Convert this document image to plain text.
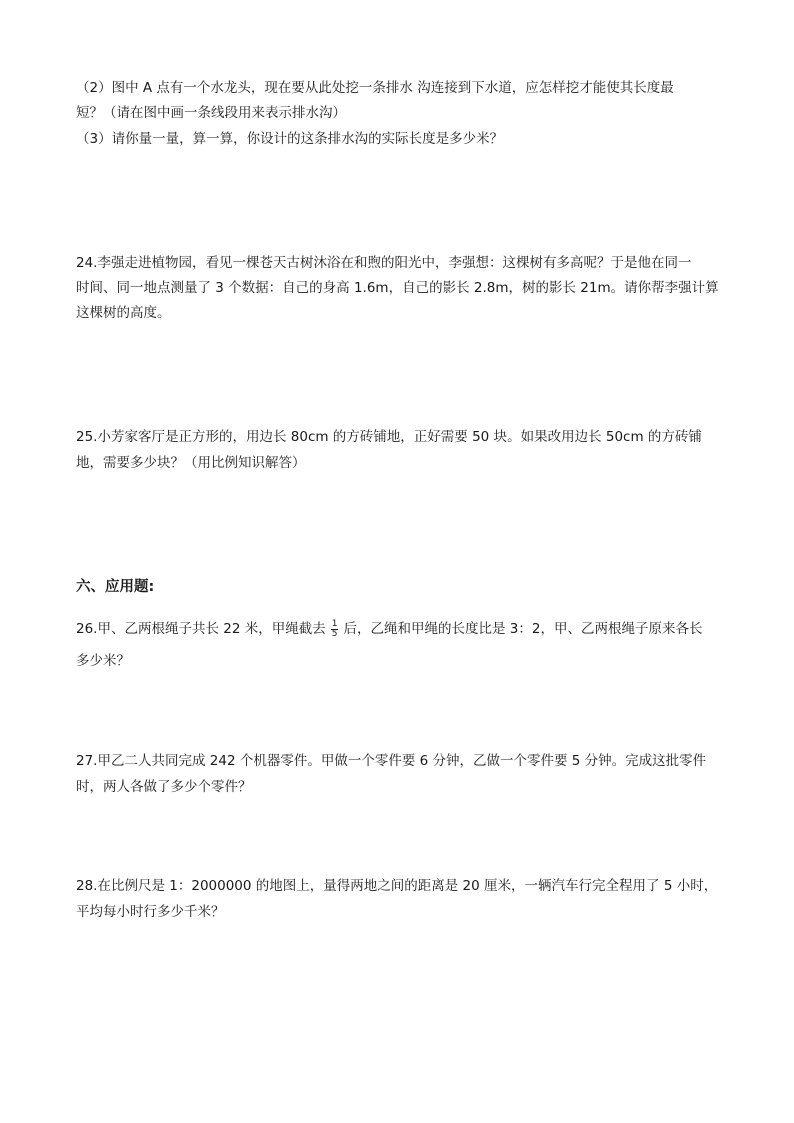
（2）图中 A 点有一个水龙头，现在要从此处挖一条排水 沟连接到下水道，应怎样挖才能使其长度最
短？（请在图中画一条线段用来表示排水沟）
（3）请你量一量，算一算，你设计的这条排水沟的实际长度是多少米？
24.李强走进植物园，看见一棵苍天古树沐浴在和煦的阳光中，李强想：这棵树有多高呢？于是他在同一
时间、同一地点测量了 3 个数据：自己的身高 1.6m，自己的影长 2.8m，树的影长 21m。请你帮李强计算
这棵树的高度。
25.小芳家客厅是正方形的，用边长 80cm 的方砖铺地，正好需要 50 块。如果改用边长 50cm 的方砖铺
地，需要多少块？（用比例知识解答）
六、应用题:
26.甲、乙两根绳子共长 22 米，甲绳截去 $\frac{1}{5}$ 后，乙绳和甲绳的长度比是 3：2，甲、乙两根绳子原来各长
多少米？
27.甲乙二人共同完成 242 个机器零件。甲做一个零件要 6 分钟，乙做一个零件要 5 分钟。完成这批零件
时，两人各做了多少个零件？
28.在比例尺是 1：2000000 的地图上，量得两地之间的距离是 20 厘米，一辆汽车行完全程用了 5 小时，
平均每小时行多少千米？
